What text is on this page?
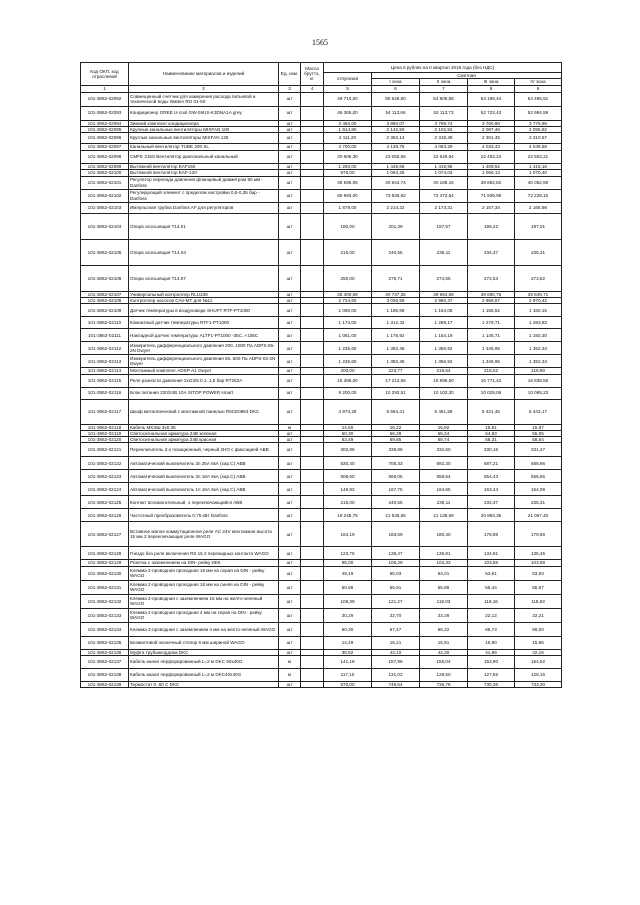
1565
Код ОКП, код отраслевой	Наименование материалов и изделий	Ед. изм.	Масса брутто, кг	Цена в рублях на II квартал 2016 года (без НДС)				
				отпускная	Сметная			
					I зона	II зона	III зона	IV зона
1	2	3	4	5	6	7	8	9
101-3862-02092	Совмещенный счетчик для измерения расхода питьевой и технической воды Watten RO 01-50	шт		49 710,00	55 628,60	54 809,68	54 199,44	54 486,51
101-3862-02093	Кондиционер GREE U-cool GW-09US-K3DNA1A grey	шт		46 365,00	54 113,66	53 113,73	52 723,43	52 994,59
101-3862-02094	Зимний комплект кондиционера	шт		3 450,00	3 860,07	3 788,74	3 760,90	3 775,96
101-3862-02095	Крупные канальные вентиляторы MIXFAN 100	шт		1 914,80	2 142,50	2 102,92	2 087,46	2 095,82
101-3862-02096	Круглые канальные вентиляторы MIXFAN 125	шт		2 111,20	2 362,14	2 318,49	2 301,45	2 310,67
101-3862-02097	Канальный вентилятор TUBE 200 XL	шт		3 700,00	4 139,78	4 063,29	4 033,43	4 049,58
101-3862-02098	CMFE 315S Вентилятор диагональный канальный	шт		20 606,30	23 055,56	22 629,54	22 463,24	22 553,21
101-3862-02099	Вытяжной вентилятор EAF150	шт		1 293,00	1 446,69	1 419,95	1 409,52	1 415,16
101-3862-02100	Вытяжной вентилятор EAF-120	шт		978,00	1 094,25	1 074,03	1 066,13	1 070,40
101-3862-02101	Регулятор перепада давления фланцевый диаметром 80 мм - Danfoss	шт		36 595,05	40 944,74	40 188,15	39 892,82	40 052,59
101-3862-02102	Регулирующий элемент с пределом настройки 0,5-0,35 бар - Danfoss	шт		65 993,00	73 836,92	72 472,54	71 939,98	72 228,10
101-3862-02103	Импульсная трубка Danfoss AF для регуляторов	шт		1 879,00	2 214,22	2 173,31	2 157,34	2 165,98
101-3862-02104	Опора скользящая T14.01	шт		180,00	201,39	197,67	196,22	197,01
101-3862-02105	Опора скользящая T14.04	шт		215,00	240,55	236,11	234,37	235,31
101-3862-02106	Опора скользящая T14.07	шт		250,00	279,71	274,55	272,53	273,62
101-3862-02107	Универсальный контроллер RLU236	шт		36 400,68	40 737,35	39 984,59	39 690,75	39 849,71
101-3862-02108	Контроллер насосов CAV-MT для №11	шт		2 714,60	3 036,59	2 980,47	2 958,57	2 970,42
101-3862-02109	Датчик температуры в воздуховоде SHUFT RTF-PT1000	шт		1 090,00	1 185,69	1 164,08	1 155,52	1 160,15
101-3862-02110	Комнатный датчик температуры RTF1-PT1000	шт		1 173,00	1 312,42	1 288,17	1 278,71	1 283,83
101-3862-02111	Накладной датчик температуры ALTF1-PT1000 -35С..+105С	шт		1 051,00	1 175,92	1 154,19	1 145,71	1 150,30
101-3862-02112	Измеритель дифференциального давления 200..1000 Па ADPS-05-2N Dwyer	шт		1 235,60	1 382,46	1 356,92	1 346,95	1 352,34
101-3862-02113	Измеритель дифференциального давления 50..500 Па ADPS-03-2N Dwyer	шт		1 235,60	1 382,46	1 356,92	1 346,95	1 352,34
101-3862-02114	Монтажный комплект ADSP-A1 Dwyer	шт		200,00	223,77	219,64	218,02	218,90
101-3862-02115	Реле разности давления 2xG3/8 0,1..1,5 бар RT262A	шт		15 386,00	17 213,66	16 895,50	16 771,42	16 838,59
101-3862-02116	Блок питания 220/24В 10А SITOP POWER smart	шт		9 200,00	10 293,51	10 103,30	10 029,06	10 069,23
101-3862-02117	Шкаф металлический с монтажной панелью R5CE0863 DKC	шт		4 973,28	5 564,41	5 461,59	5 421,46	5 443,17
101-3862-02118	Кабель МКЭШ 3х0.35	м		14,50	16,22	15,92	15,81	15,87
101-3862-02119	Светосигнальная арматура 24В зеленая	шт		50,30	56,28	55,24	54,83	55,05
101-3862-02120	Светосигнальная арматура 24В красная	шт		53,49	59,85	58,74	58,31	58,54
101-3862-02121	Переключатель 2-х позиционный, черный 2НО с фиксацией ABB	шт		302,86	338,86	332,60	330,15	331,47
101-3862-02122	Автоматический выключатель 3п 25А 6кА (хар.С) ABB	шт		630,40	705,33	692,30	687,21	689,96
101-3862-02123	Автоматический выключатель 3п 16А 6кА (хар.С) ABB	шт		508,60	569,05	558,54	554,43	556,65
101-3862-02124	Автоматический выключатель 1п 16А 6кА (хар.С) ABB	шт		149,93	167,75	164,65	163,44	164,09
101-3862-02125	Контакт вспомогательный, 1 переключающийся ABB	шт		215,00	240,55	236,11	234,37	235,31
101-3862-02126	Частотный преобразователь 0,75 кВт Danfoss	шт		19 248,75	21 536,66	21 138,69	20 983,35	21 067,40
101-3862-02127	Вставное малое коммутационное реле AC 24V монтажная высота 15 мм 2 переключающих реле WAGO	шт		164,19	183,69	180,30	178,98	179,69
101-3862-02128	Гнездо без реле включения RS 15 2 перекидных контакта WAGO	шт		123,76	138,47	135,91	134,91	135,45
101-3862-02129	Розетка с заземлением на DIN- рейку ИЕК	шт		95,00	106,29	104,33	103,56	103,98
101-3862-02130	Клемма 2-проводная проходная 16 мм на серая на DIN - рейку WAGO	шт		49,19	55,03	54,01	53,61	53,83
101-3862-02131	Клемма 2-проводная проходная 16 мм на синяя на DIN - рейку WAGO	шт		50,86	56,91	55,86	55,44	55,67
101-3862-02132	Клемма 2-проводная с заземлением 16 мм на желто-зеленый WAGO	шт		108,39	121,27	119,03	118,16	118,63
101-3862-02133	Клемма 2-проводная проходная 4 мм на серая на DIN - рейку WAGO	шт		20,29	22,70	22,28	22,12	22,21
101-3862-02134	Клемма 2-проводная с заземлением 4 мм на желто-зеленый WAGO	шт		60,30	67,47	66,22	65,73	66,00
101-3862-02135	Безвинтовой оконечный стопор 6 мм шириной WAGO	шт		14,49	16,21	15,91	15,80	15,86
101-3862-02136	Муфта трубанкордова DKC	шт		38,52	43,10	42,30	41,99	42,16
101-3862-02137	Кабель-канал перфорированный L=2 м DKC 60х40G	м		141,18	157,96	155,04	153,90	154,52
101-3862-02138	Кабель-канал перфорированный L=2 м DKC40х40G	м		117,10	131,02	128,60	127,65	128,16
101-3862-02139	Термостат 0..60 С DKC	шт		670,00	749,64	735,78	730,36	733,30
